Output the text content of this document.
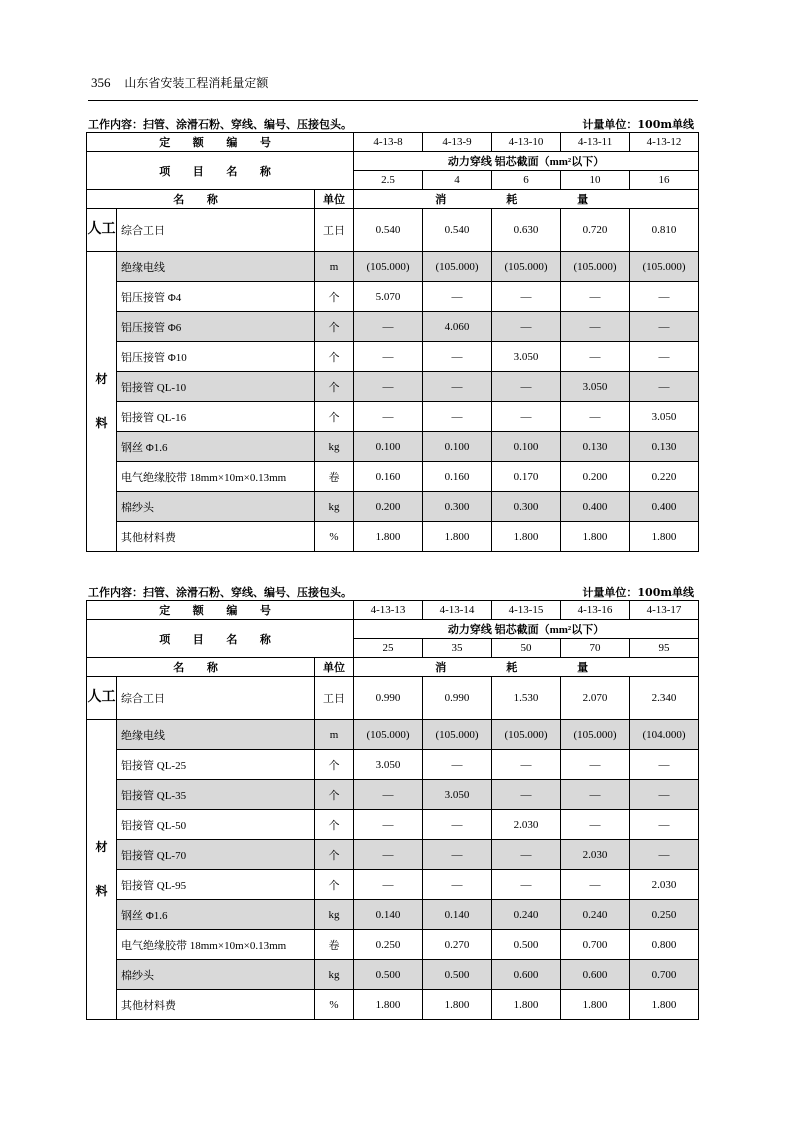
356 山东省安装工程消耗量定额
工作内容：扫管、涂滑石粉、穿线、编号、压接包头。	计量单位：100m单线
定 额 编 号			4-13-8	4-13-9	4-13-10	4-13-11	4-13-12
项 目 名 称			动力穿线 铝芯截面（mm²以下）				
			2.5	4	6	10	16
名 称		单位	消 耗 量				
人工	综合工日	工日	0.540	0.540	0.630	0.720	0.810
材
料	绝缘电线	m	(105.000)	(105.000)	(105.000)	(105.000)	(105.000)
	铝压接管 Φ4	个	5.070	—	—	—	—
	铝压接管 Φ6	个	—	4.060	—	—	—
	铝压接管 Φ10	个	—	—	3.050	—	—
	铝接管 QL-10	个	—	—	—	3.050	—
	铝接管 QL-16	个	—	—	—	—	3.050
	钢丝 Φ1.6	kg	0.100	0.100	0.100	0.130	0.130
	电气绝缘胶带 18mm×10m×0.13mm	卷	0.160	0.160	0.170	0.200	0.220
	棉纱头	kg	0.200	0.300	0.300	0.400	0.400
	其他材料费	%	1.800	1.800	1.800	1.800	1.800
工作内容：扫管、涂滑石粉、穿线、编号、压接包头。	计量单位：100m单线
定 额 编 号			4-13-13	4-13-14	4-13-15	4-13-16	4-13-17
项 目 名 称			动力穿线 铝芯截面（mm²以下）				
			25	35	50	70	95
名 称		单位	消 耗 量				
人工	综合工日	工日	0.990	0.990	1.530	2.070	2.340
材
料	绝缘电线	m	(105.000)	(105.000)	(105.000)	(105.000)	(104.000)
	铝接管 QL-25	个	3.050	—	—	—	—
	铝接管 QL-35	个	—	3.050	—	—	—
	铝接管 QL-50	个	—	—	2.030	—	—
	铝接管 QL-70	个	—	—	—	2.030	—
	铝接管 QL-95	个	—	—	—	—	2.030
	钢丝 Φ1.6	kg	0.140	0.140	0.240	0.240	0.250
	电气绝缘胶带 18mm×10m×0.13mm	卷	0.250	0.270	0.500	0.700	0.800
	棉纱头	kg	0.500	0.500	0.600	0.600	0.700
	其他材料费	%	1.800	1.800	1.800	1.800	1.800
